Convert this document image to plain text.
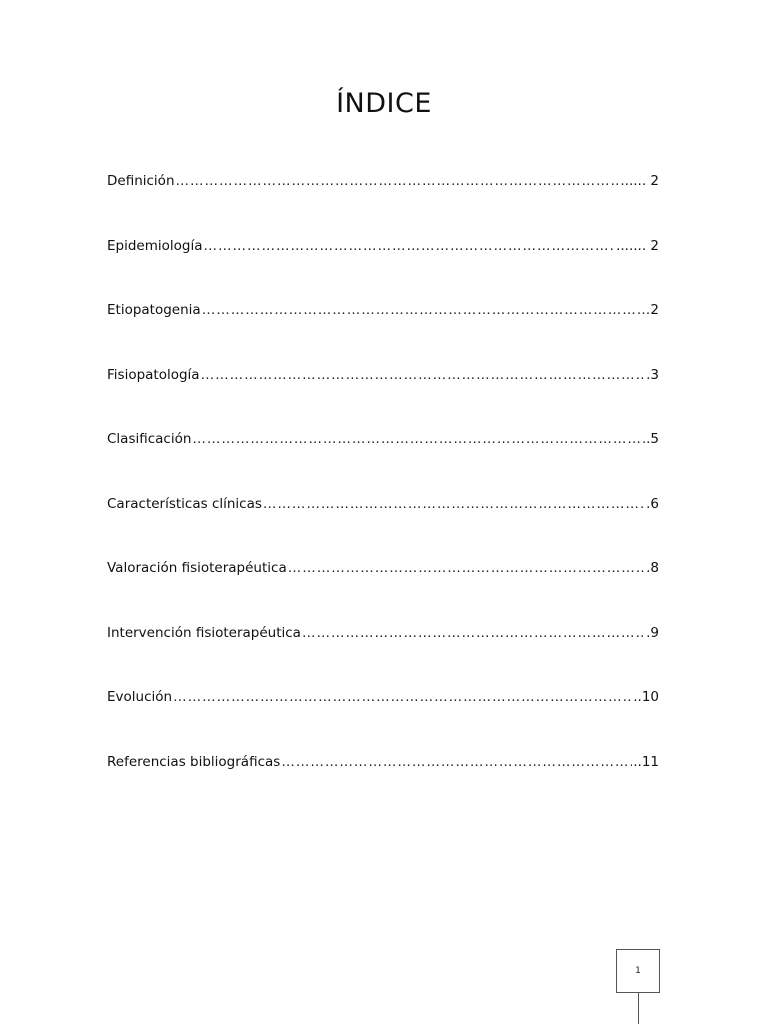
ÍNDICE
Definición ………………………………………………………………………………………………………………………………………………………………………………………………………………………………………………………………………………………………………………	...... 2
Epidemiología ………………………………………………………………………………………………………………………………………………………………………………………………………………………………………………………………………………………………………………	....... 2
Etiopatogenia ………………………………………………………………………………………………………………………………………………………………………………………………………………………………………………………………………………………………………………	2
Fisiopatología ………………………………………………………………………………………………………………………………………………………………………………………………………………………………………………………………………………………………………………	.3
Clasificación ………………………………………………………………………………………………………………………………………………………………………………………………………………………………………………………………………………………………………………	.5
Características clínicas ………………………………………………………………………………………………………………………………………………………………………………………………………………………………………………………………………………………………………………	.6
Valoración fisioterapéutica ………………………………………………………………………………………………………………………………………………………………………………………………………………………………………………………………………………………………………………	.8
Intervención fisioterapéutica ………………………………………………………………………………………………………………………………………………………………………………………………………………………………………………………………………………………………………………	.9
Evolución ………………………………………………………………………………………………………………………………………………………………………………………………………………………………………………………………………………………………………………	..10
Referencias bibliográficas ………………………………………………………………………………………………………………………………………………………………………………………………………………………………………………………………………………………………………………	..11
1
